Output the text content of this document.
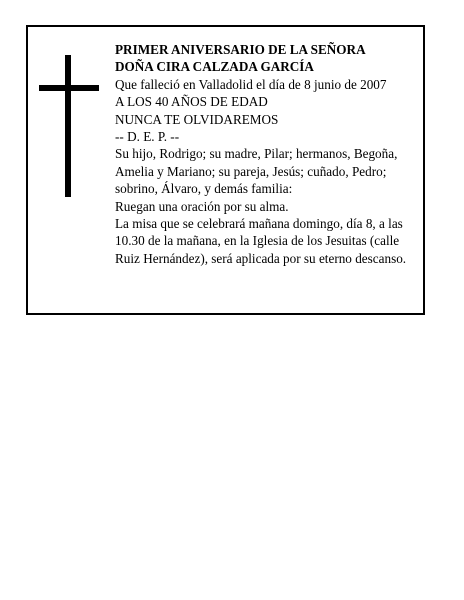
PRIMER ANIVERSARIO DE LA SEÑORA
DOÑA CIRA CALZADA GARCÍA
Que falleció en Valladolid el día de 8 junio de 2007
A LOS 40 AÑOS DE EDAD
NUNCA TE OLVIDAREMOS
-- D. E. P. --
Su hijo, Rodrigo; su madre, Pilar; hermanos, Begoña, Amelia y Mariano; su pareja, Jesús; cuñado, Pedro; sobrino, Álvaro, y demás familia:
Ruegan una oración por su alma.
La misa que se celebrará mañana domingo, día 8, a las 10.30 de la mañana, en la Iglesia de los Jesuitas (calle Ruiz Hernández), será aplicada por su eterno descanso.
